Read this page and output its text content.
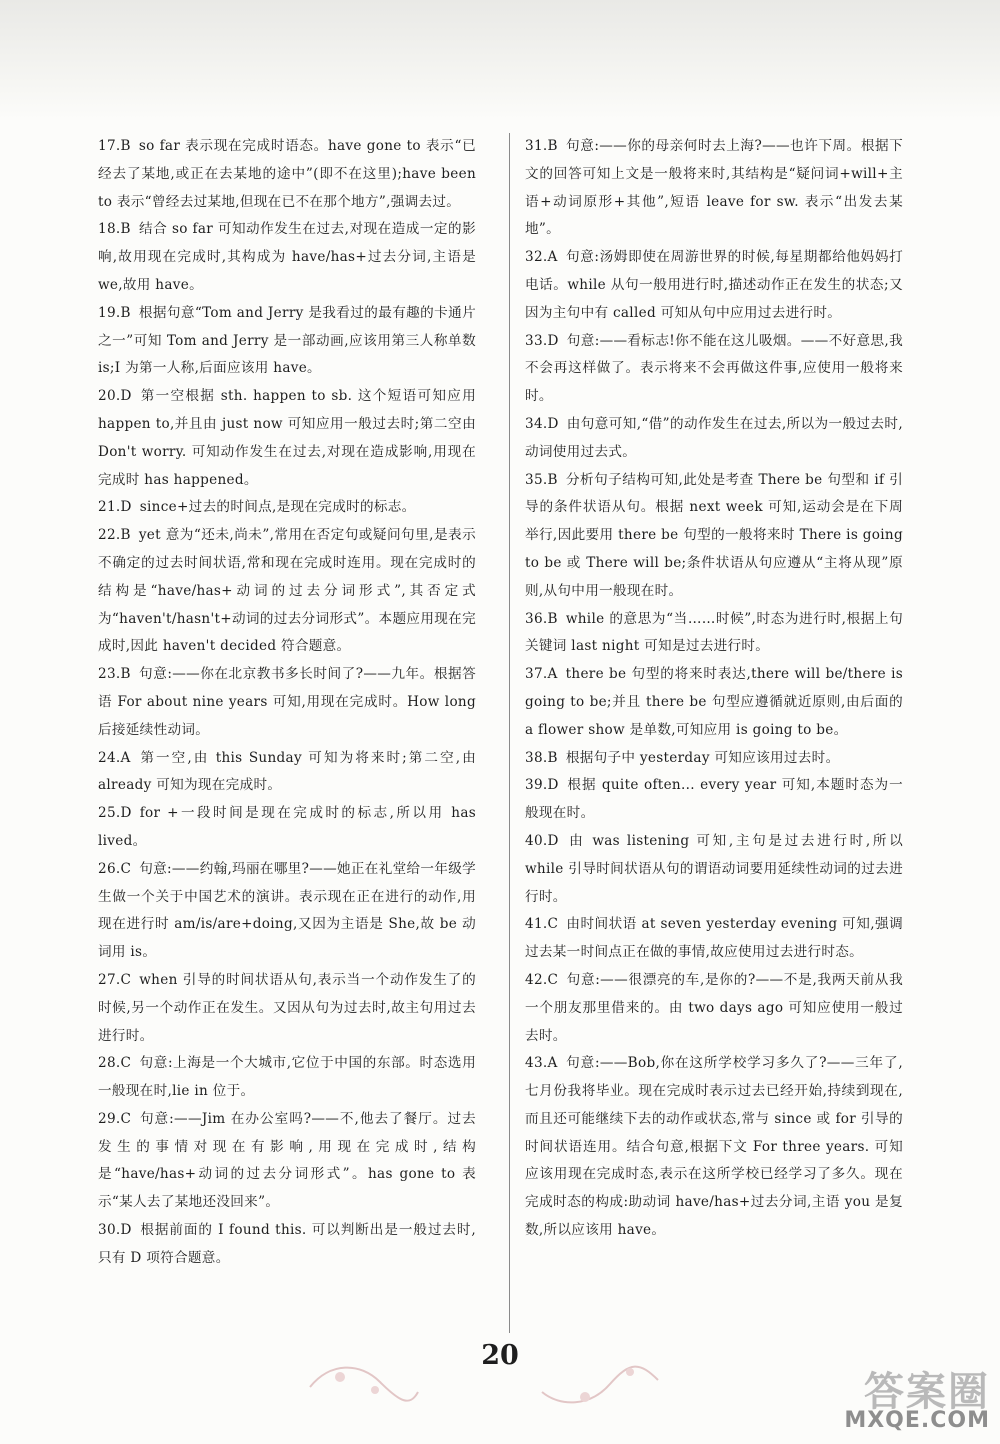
17.B so far 表示现在完成时语态。have gone to 表示“已经去了某地,或正在去某地的途中”(即不在这里);have been to 表示“曾经去过某地,但现在已不在那个地方”,强调去过。

18.B 结合 so far 可知动作发生在过去,对现在造成一定的影响,故用现在完成时,其构成为 have/has+过去分词,主语是 we,故用 have。

19.B 根据句意“Tom and Jerry 是我看过的最有趣的卡通片之一”可知 Tom and Jerry 是一部动画,应该用第三人称单数 is;I 为第一人称,后面应该用 have。

20.D 第一空根据 sth. happen to sb. 这个短语可知应用 happen to,并且由 just now 可知应用一般过去时;第二空由 Don't worry. 可知动作发生在过去,对现在造成影响,用现在完成时 has happened。

21.D since+过去的时间点,是现在完成时的标志。

22.B yet 意为“还未,尚未”,常用在否定句或疑问句里,是表示不确定的过去时间状语,常和现在完成时连用。现在完成时的结构是“have/has+动词的过去分词形式”,其否定式为“haven't/hasn't+动词的过去分词形式”。本题应用现在完成时,因此 haven't decided 符合题意。

23.B 句意:——你在北京教书多长时间了?——九年。根据答语 For about nine years 可知,用现在完成时。How long 后接延续性动词。

24.A 第一空,由 this Sunday 可知为将来时;第二空,由 already 可知为现在完成时。

25.D for +一段时间是现在完成时的标志,所以用 has lived。

26.C 句意:——约翰,玛丽在哪里?——她正在礼堂给一年级学生做一个关于中国艺术的演讲。表示现在正在进行的动作,用现在进行时 am/is/are+doing,又因为主语是 She,故 be 动词用 is。

27.C when 引导的时间状语从句,表示当一个动作发生了的时候,另一个动作正在发生。又因从句为过去时,故主句用过去进行时。

28.C 句意:上海是一个大城市,它位于中国的东部。时态选用一般现在时,lie in 位于。

29.C 句意:——Jim 在办公室吗?——不,他去了餐厅。过去发生的事情对现在有影响,用现在完成时,结构是“have/has+动词的过去分词形式”。has gone to 表示“某人去了某地还没回来”。

30.D 根据前面的 I found this. 可以判断出是一般过去时,只有 D 项符合题意。

31.B 句意:——你的母亲何时去上海?——也许下周。根据下文的回答可知上文是一般将来时,其结构是“疑问词+will+主语+动词原形+其他”,短语 leave for sw. 表示“出发去某地”。

32.A 句意:汤姆即使在周游世界的时候,每星期都给他妈妈打电话。while 从句一般用进行时,描述动作正在发生的状态;又因为主句中有 called 可知从句中应用过去进行时。

33.D 句意:——看标志!你不能在这儿吸烟。——不好意思,我不会再这样做了。表示将来不会再做这件事,应使用一般将来时。

34.D 由句意可知,“借”的动作发生在过去,所以为一般过去时,动词使用过去式。

35.B 分析句子结构可知,此处是考查 There be 句型和 if 引导的条件状语从句。根据 next week 可知,运动会是在下周举行,因此要用 there be 句型的一般将来时 There is going to be 或 There will be;条件状语从句应遵从“主将从现”原则,从句中用一般现在时。

36.B while 的意思为“当……时候”,时态为进行时,根据上句关键词 last night 可知是过去进行时。

37.A there be 句型的将来时表达,there will be/there is going to be;并且 there be 句型应遵循就近原则,由后面的 a flower show 是单数,可知应用 is going to be。

38.B 根据句子中 yesterday 可知应该用过去时。

39.D 根据 quite often... every year 可知,本题时态为一般现在时。

40.D 由 was listening 可知,主句是过去进行时,所以 while 引导时间状语从句的谓语动词要用延续性动词的过去进行时。

41.C 由时间状语 at seven yesterday evening 可知,强调过去某一时间点正在做的事情,故应使用过去进行时态。

42.C 句意:——很漂亮的车,是你的?——不是,我两天前从我一个朋友那里借来的。由 two days ago 可知应使用一般过去时。

43.A 句意:——Bob,你在这所学校学习多久了?——三年了,七月份我将毕业。现在完成时表示过去已经开始,持续到现在,而且还可能继续下去的动作或状态,常与 since 或 for 引导的时间状语连用。结合句意,根据下文 For three years. 可知应该用现在完成时态,表示在这所学校已经学习了多久。现在完成时态的构成:助动词 have/has+过去分词,主语 you 是复数,所以应该用 have。

20
答案圈
MXQE.COM
